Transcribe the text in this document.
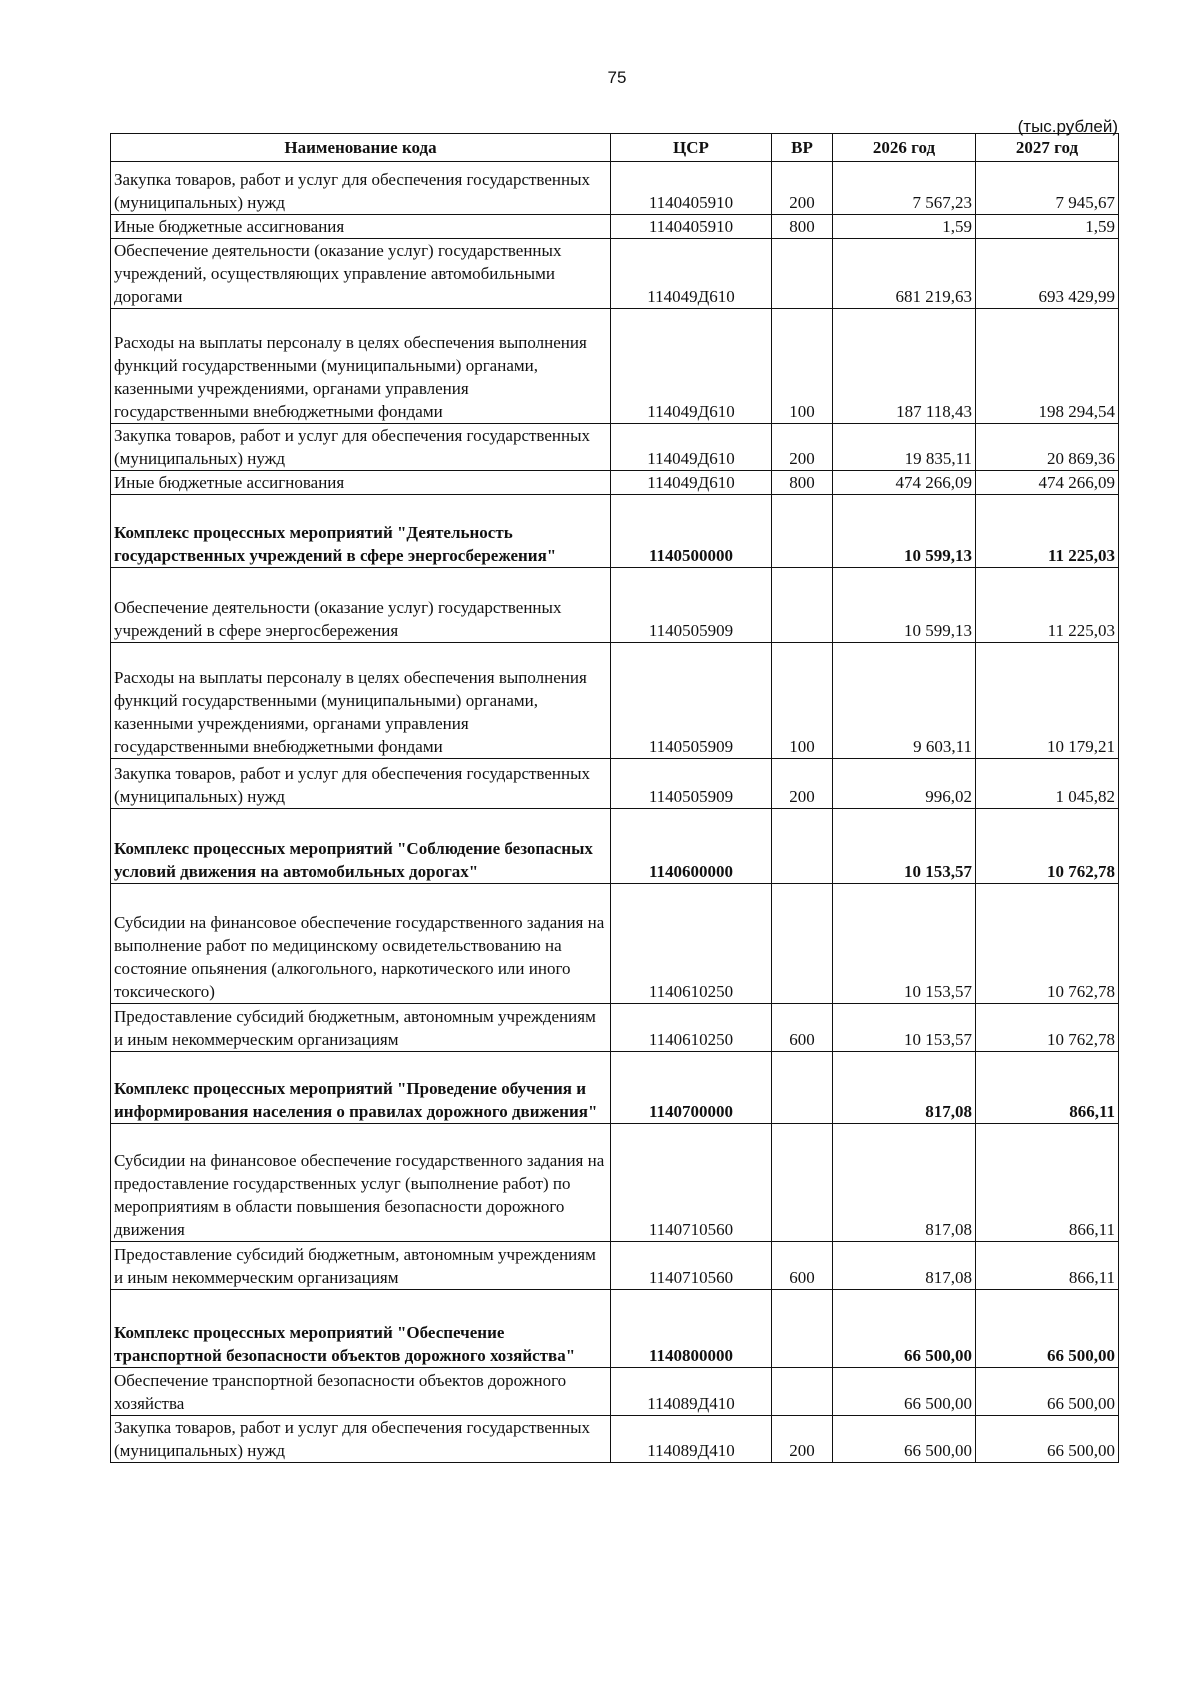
75
(тыс.рублей)
Наименование кода	ЦСР	ВР	2026 год	2027 год
Закупка товаров, работ и услуг для обеспечения государственных (муниципальных) нужд	1140405910	200	7 567,23	7 945,67
Иные бюджетные ассигнования	1140405910	800	1,59	1,59
Обеспечение деятельности (оказание услуг) государственных учреждений, осуществляющих управление автомобильными дорогами	114049Д610		681 219,63	693 429,99
Расходы на выплаты персоналу в целях обеспечения выполнения функций государственными (муниципальными) органами, казенными учреждениями, органами управления государственными внебюджетными фондами	114049Д610	100	187 118,43	198 294,54
Закупка товаров, работ и услуг для обеспечения государственных (муниципальных) нужд	114049Д610	200	19 835,11	20 869,36
Иные бюджетные ассигнования	114049Д610	800	474 266,09	474 266,09
Комплекс процессных мероприятий "Деятельность государственных учреждений в сфере энергосбережения"	1140500000		10 599,13	11 225,03
Обеспечение деятельности (оказание услуг) государственных учреждений в сфере энергосбережения	1140505909		10 599,13	11 225,03
Расходы на выплаты персоналу в целях обеспечения выполнения функций государственными (муниципальными) органами, казенными учреждениями, органами управления государственными внебюджетными фондами	1140505909	100	9 603,11	10 179,21
Закупка товаров, работ и услуг для обеспечения государственных (муниципальных) нужд	1140505909	200	996,02	1 045,82
Комплекс процессных мероприятий "Соблюдение безопасных условий движения на автомобильных дорогах"	1140600000		10 153,57	10 762,78
Субсидии на финансовое обеспечение государственного задания на выполнение работ по медицинскому освидетельствованию на состояние опьянения (алкогольного, наркотического или иного токсического)	1140610250		10 153,57	10 762,78
Предоставление субсидий бюджетным, автономным учреждениям и иным некоммерческим организациям	1140610250	600	10 153,57	10 762,78
Комплекс процессных мероприятий "Проведение обучения и информирования населения о правилах дорожного движения"	1140700000		817,08	866,11
Субсидии на финансовое обеспечение государственного задания на предоставление государственных услуг (выполнение работ) по мероприятиям в области повышения безопасности дорожного движения	1140710560		817,08	866,11
Предоставление субсидий бюджетным, автономным учреждениям и иным некоммерческим организациям	1140710560	600	817,08	866,11
Комплекс процессных мероприятий "Обеспечение транспортной безопасности объектов дорожного хозяйства"	1140800000		66 500,00	66 500,00
Обеспечение транспортной безопасности объектов дорожного хозяйства	114089Д410		66 500,00	66 500,00
Закупка товаров, работ и услуг для обеспечения государственных (муниципальных) нужд	114089Д410	200	66 500,00	66 500,00
